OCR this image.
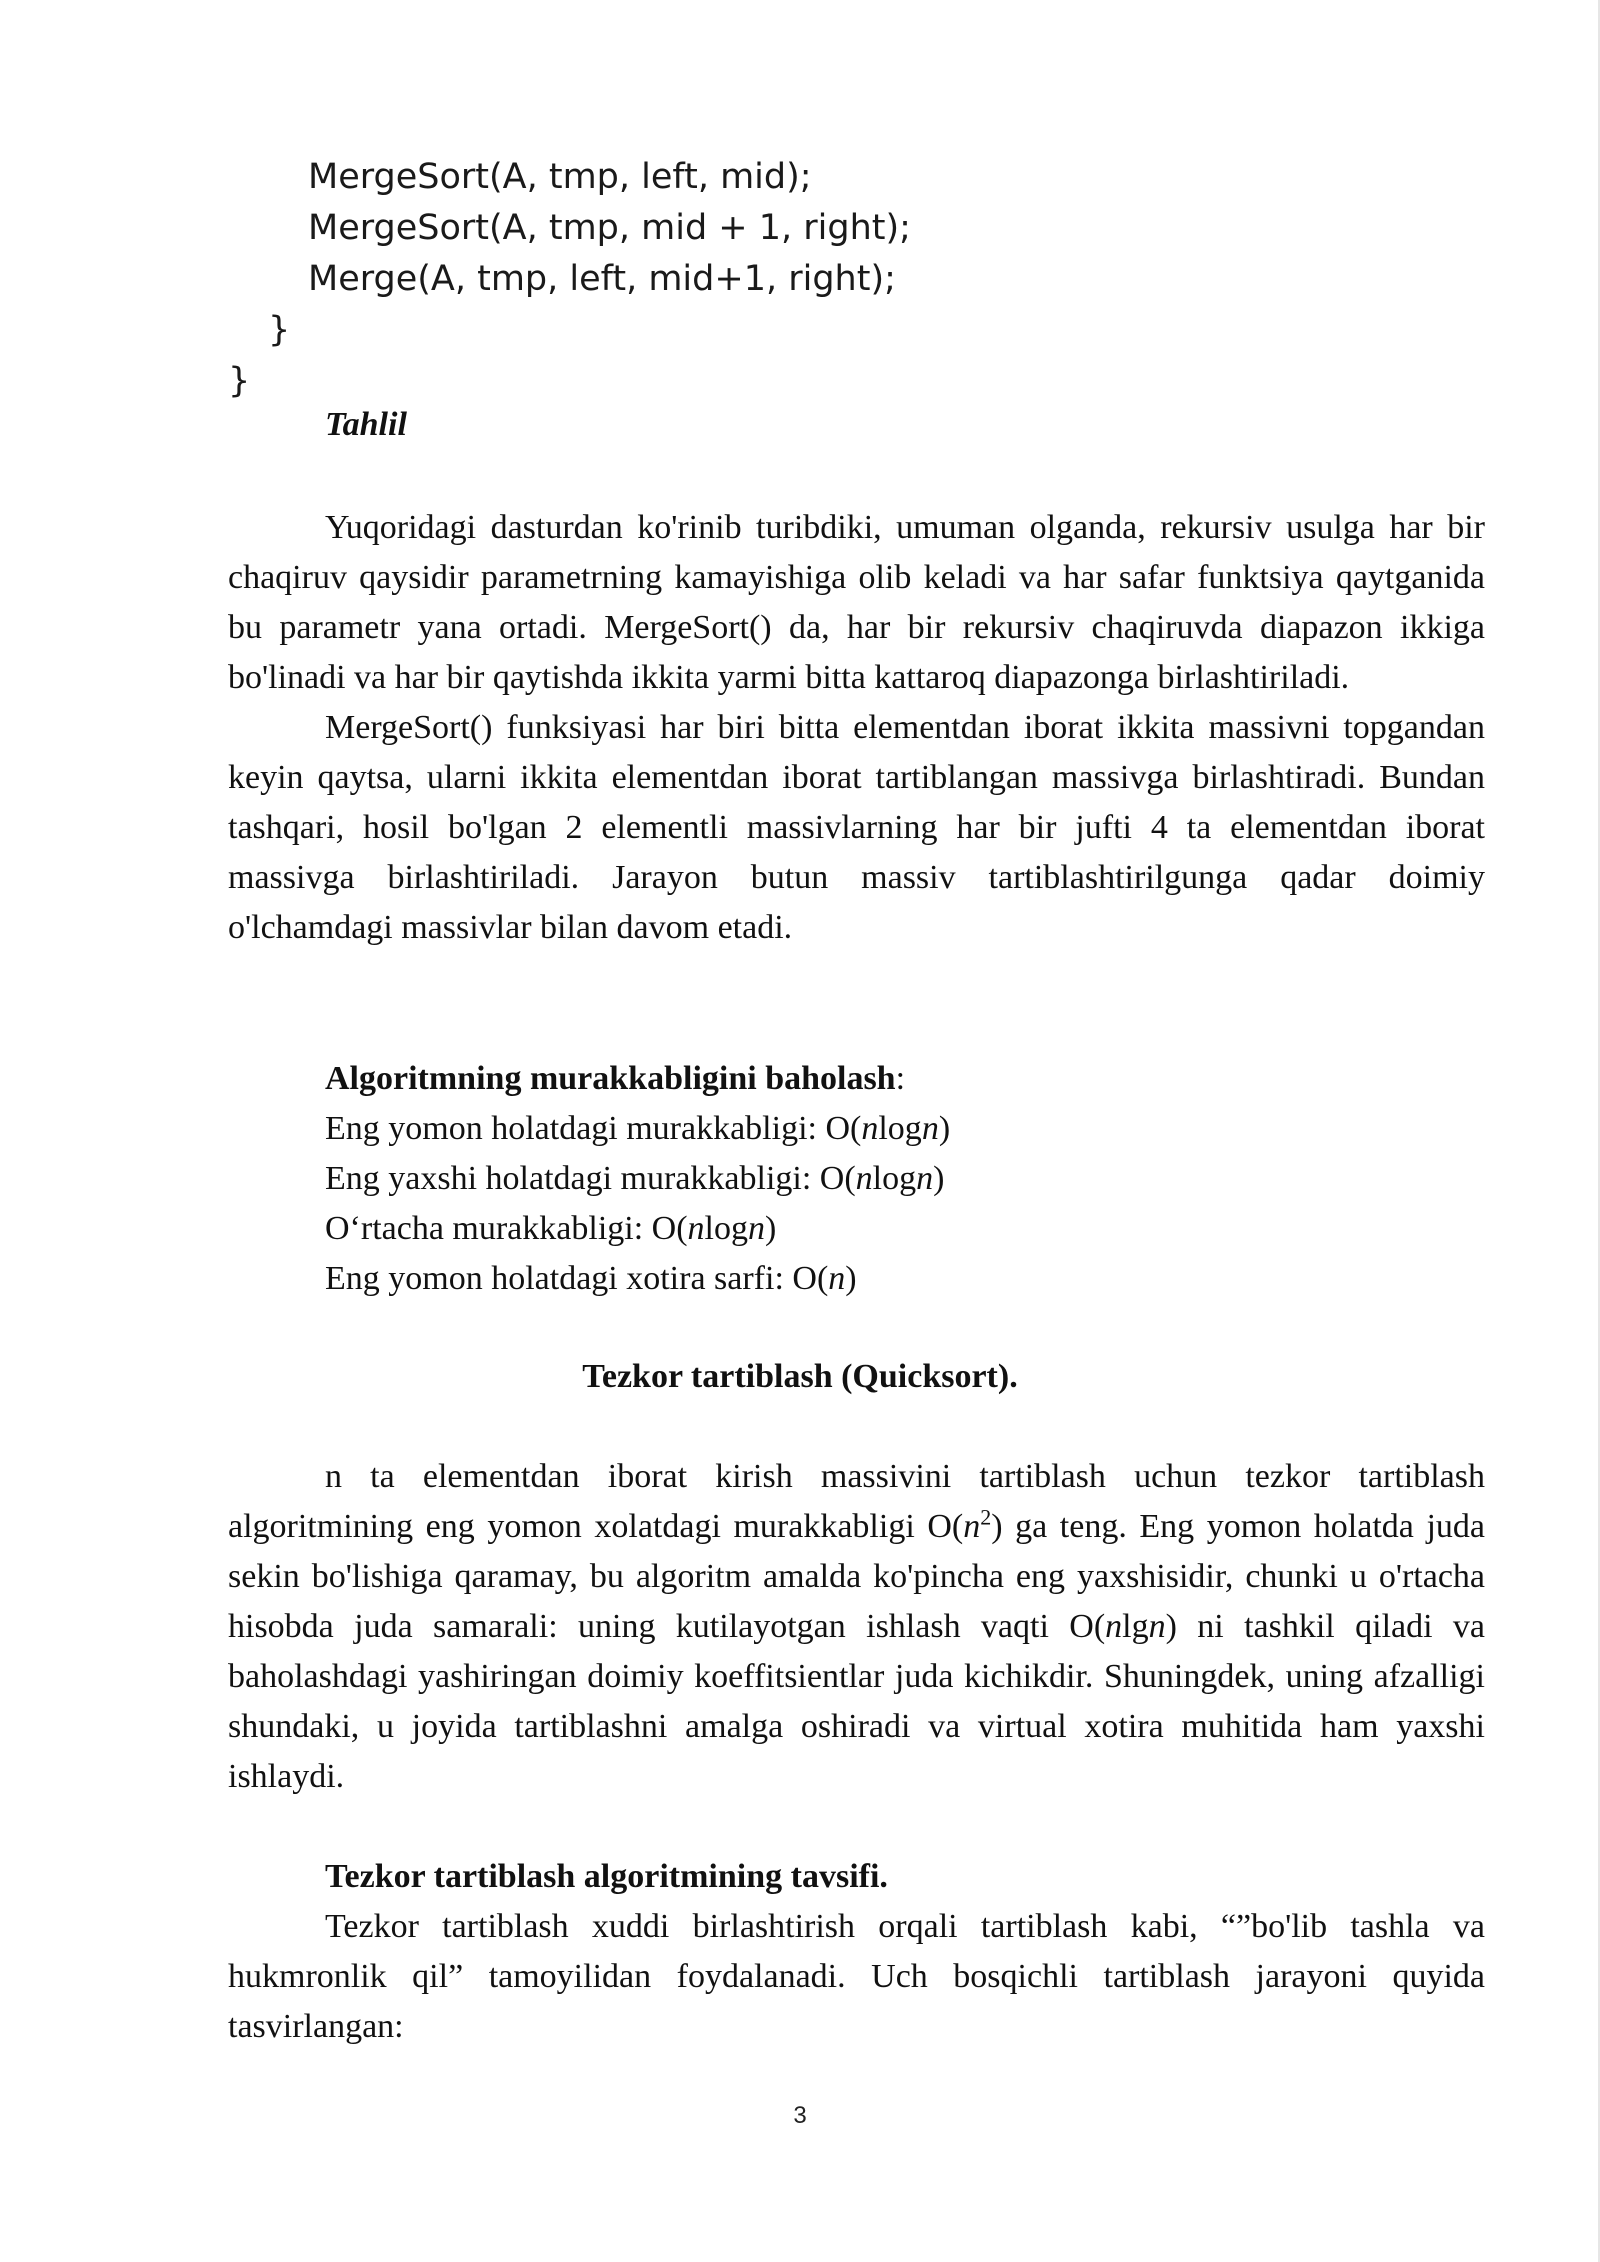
MergeSort(A, tmp, left, mid);
MergeSort(A, tmp, mid + 1, right);
Merge(A, tmp, left, mid+1, right);
}
}
Tahlil

Yuqoridagi dasturdan ko'rinib turibdiki, umuman olganda, rekursiv usulga har bir chaqiruv qaysidir parametrning kamayishiga olib keladi va har safar funktsiya qaytganida bu parametr yana ortadi. MergeSort() da, har bir rekursiv chaqiruvda diapazon ikkiga bo'linadi va har bir qaytishda ikkita yarmi bitta kattaroq diapazonga birlashtiriladi.

MergeSort() funksiyasi har biri bitta elementdan iborat ikkita massivni topgandan keyin qaytsa, ularni ikkita elementdan iborat tartiblangan massivga birlashtiradi. Bundan tashqari, hosil bo'lgan 2 elementli massivlarning har bir jufti 4 ta elementdan iborat massivga birlashtiriladi. Jarayon butun massiv tartiblashtirilgunga qadar doimiy o'lchamdagi massivlar bilan davom etadi.

Algoritmning murakkabligini baholash:
Eng yomon holatdagi murakkabligi: O(nlogn)
Eng yaxshi holatdagi murakkabligi: O(nlogn)
O‘rtacha murakkabligi: O(nlogn)
Eng yomon holatdagi xotira sarfi: O(n)
Tezkor tartiblash (Quicksort).

n ta elementdan iborat kirish massivini tartiblash uchun tezkor tartiblash algoritmining eng yomon xolatdagi murakkabligi $O(n^2)$ ga teng. Eng yomon holatda juda sekin bo'lishiga qaramay, bu algoritm amalda ko'pincha eng yaxshisidir, chunki u o'rtacha hisobda juda samarali: uning kutilayotgan ishlash vaqti O(nlgn) ni tashkil qiladi va baholashdagi yashiringan doimiy koeffitsientlar juda kichikdir. Shuningdek, uning afzalligi shundaki, u joyida tartiblashni amalga oshiradi va virtual xotira muhitida ham yaxshi ishlaydi.

Tezkor tartiblash algoritmining tavsifi.

Tezkor tartiblash xuddi birlashtirish orqali tartiblash kabi, “”bo'lib tashla va hukmronlik qil” tamoyilidan foydalanadi. Uch bosqichli tartiblash jarayoni quyida tasvirlangan:

3
